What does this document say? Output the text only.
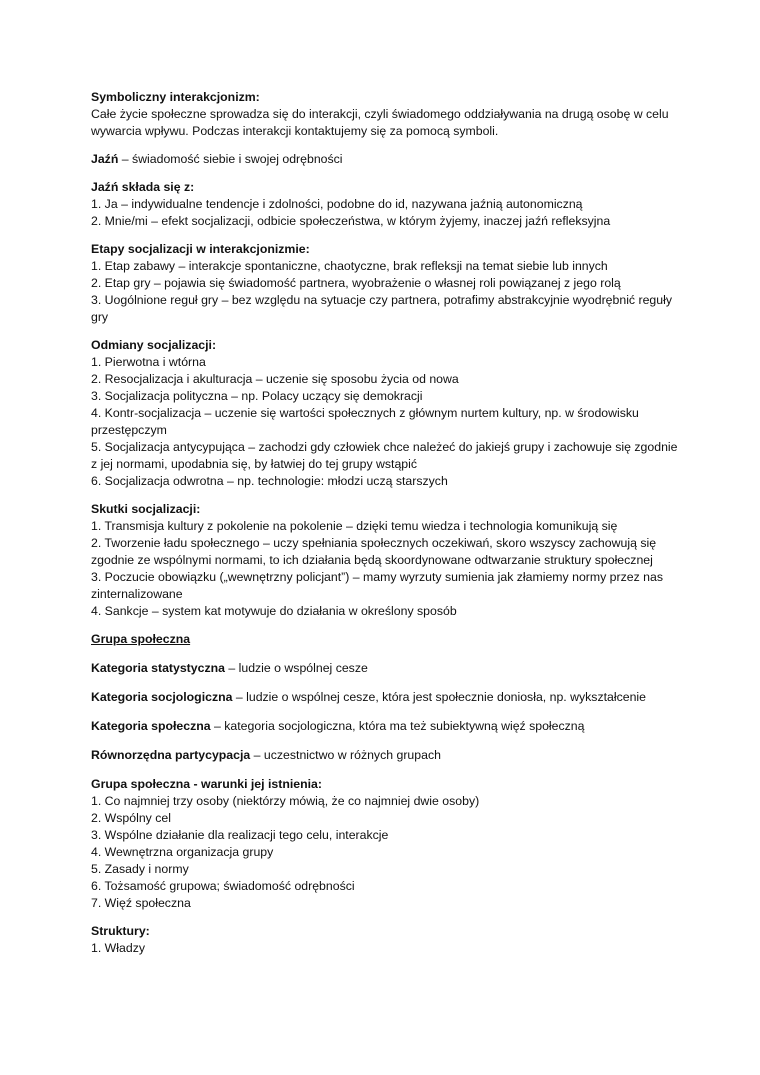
Symboliczny interakcjonizm:
Całe życie społeczne sprowadza się do interakcji, czyli świadomego oddziaływania na drugą osobę w celu wywarcia wpływu. Podczas interakcji kontaktujemy się za pomocą symboli.
Jaźń – świadomość siebie i swojej odrębności
Jaźń składa się z:
1. Ja – indywidualne tendencje i zdolności, podobne do id, nazywana jaźnią autonomiczną
2. Mnie/mi – efekt socjalizacji, odbicie społeczeństwa, w którym żyjemy, inaczej jaźń refleksyjna
Etapy socjalizacji w interakcjonizmie:
1. Etap zabawy – interakcje spontaniczne, chaotyczne, brak refleksji na temat siebie lub innych
2. Etap gry – pojawia się świadomość partnera, wyobrażenie o własnej roli powiązanej z jego rolą
3. Uogólnione reguł gry – bez względu na sytuacje czy partnera, potrafimy abstrakcyjnie wyodrębnić reguły gry
Odmiany socjalizacji:
1. Pierwotna i wtórna
2. Resocjalizacja i akulturacja – uczenie się sposobu życia od nowa
3. Socjalizacja polityczna – np. Polacy uczący się demokracji
4. Kontr-socjalizacja – uczenie się wartości społecznych z głównym nurtem kultury, np. w środowisku przestępczym
5. Socjalizacja antycypująca – zachodzi gdy człowiek chce należeć do jakiejś grupy i zachowuje się zgodnie z jej normami, upodabnia się, by łatwiej do tej grupy wstąpić
6. Socjalizacja odwrotna – np. technologie: młodzi uczą starszych
Skutki socjalizacji:
1. Transmisja kultury z pokolenie na pokolenie – dzięki temu wiedza i technologia komunikują się
2. Tworzenie ładu społecznego – uczy spełniania społecznych oczekiwań, skoro wszyscy zachowują się zgodnie ze wspólnymi normami, to ich działania będą skoordynowane odtwarzanie struktury społecznej
3. Poczucie obowiązku („wewnętrzny policjant”) – mamy wyrzuty sumienia jak złamiemy normy przez nas zinternalizowane
4. Sankcje – system kat motywuje do działania w określony sposób
Grupa społeczna
Kategoria statystyczna – ludzie o wspólnej cesze
Kategoria socjologiczna – ludzie o wspólnej cesze, która jest społecznie doniosła, np. wykształcenie
Kategoria społeczna – kategoria socjologiczna, która ma też subiektywną więź społeczną
Równorzędna partycypacja – uczestnictwo w różnych grupach
Grupa społeczna - warunki jej istnienia:
1. Co najmniej trzy osoby (niektórzy mówią, że co najmniej dwie osoby)
2. Wspólny cel
3. Wspólne działanie dla realizacji tego celu, interakcje
4. Wewnętrzna organizacja grupy
5. Zasady i normy
6. Tożsamość grupowa; świadomość odrębności
7. Więź społeczna
Struktury:
1. Władzy
